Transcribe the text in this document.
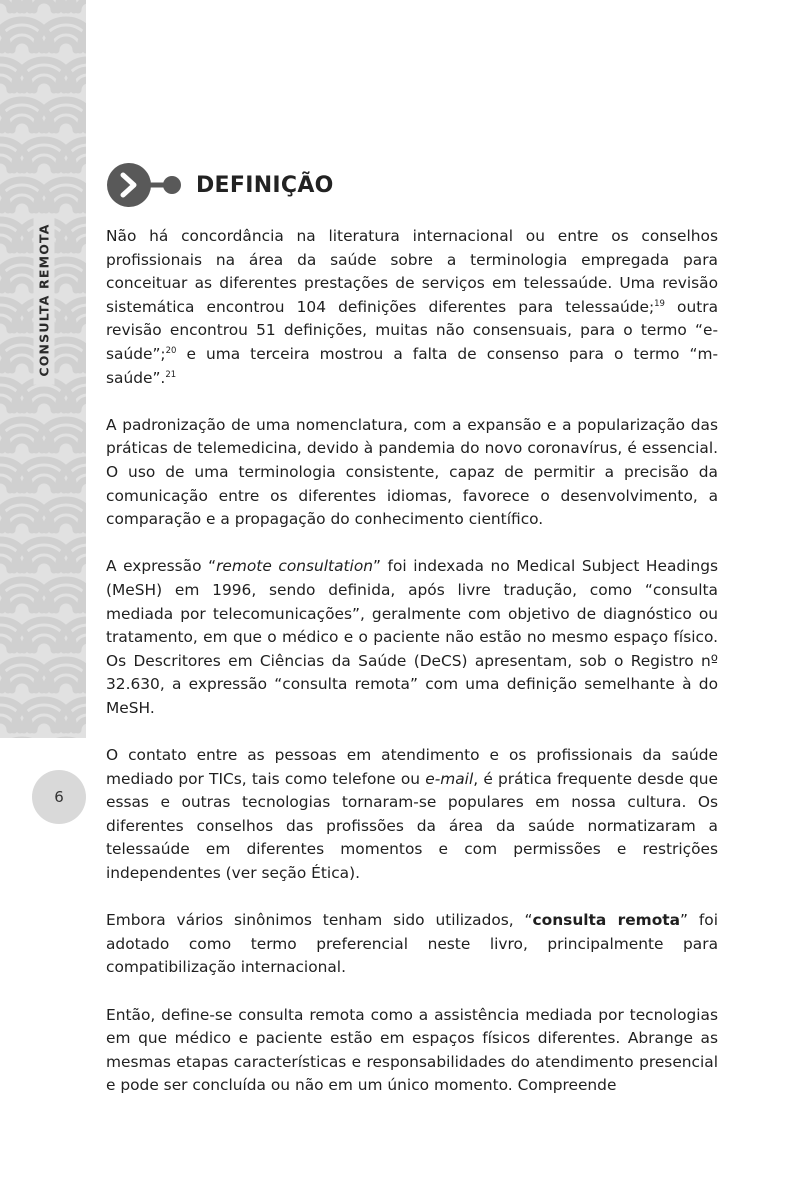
CONSULTA REMOTA
6
DEFINIÇÃO

Não há concordância na literatura internacional ou entre os conselhos profissionais na área da saúde sobre a terminologia empregada para conceituar as diferentes prestações de serviços em telessaúde. Uma revisão sistemática encontrou 104 definições diferentes para telessaúde;$^{19}$ outra revisão encontrou 51 definições, muitas não consensuais, para o termo “e-saúde”;$^{20}$ e uma terceira mostrou a falta de consenso para o termo “m-saúde”.$^{21}$

A padronização de uma nomenclatura, com a expansão e a popularização das práticas de telemedicina, devido à pandemia do novo coronavírus, é essencial. O uso de uma terminologia consistente, capaz de permitir a precisão da comunicação entre os diferentes idiomas, favorece o desenvolvimento, a comparação e a propagação do conhecimento científico.

A expressão “remote consultation” foi indexada no Medical Subject Headings (MeSH) em 1996, sendo definida, após livre tradução, como “consulta mediada por telecomunicações”, geralmente com objetivo de diagnóstico ou tratamento, em que o médico e o paciente não estão no mesmo espaço físico. Os Descritores em Ciências da Saúde (DeCS) apresentam, sob o Registro nº 32.630, a expressão “consulta remota” com uma definição semelhante à do MeSH.

O contato entre as pessoas em atendimento e os profissionais da saúde mediado por TICs, tais como telefone ou e-mail, é prática frequente desde que essas e outras tecnologias tornaram-se populares em nossa cultura. Os diferentes conselhos das profissões da área da saúde normatizaram a telessaúde em diferentes momentos e com permissões e restrições independentes (ver seção Ética).

Embora vários sinônimos tenham sido utilizados, “consulta remota” foi adotado como termo preferencial neste livro, principalmente para compatibilização internacional.

Então, define-se consulta remota como a assistência mediada por tecnologias em que médico e paciente estão em espaços físicos diferentes. Abrange as mesmas etapas características e responsabilidades do atendimento presencial e pode ser concluída ou não em um único momento. Compreende
